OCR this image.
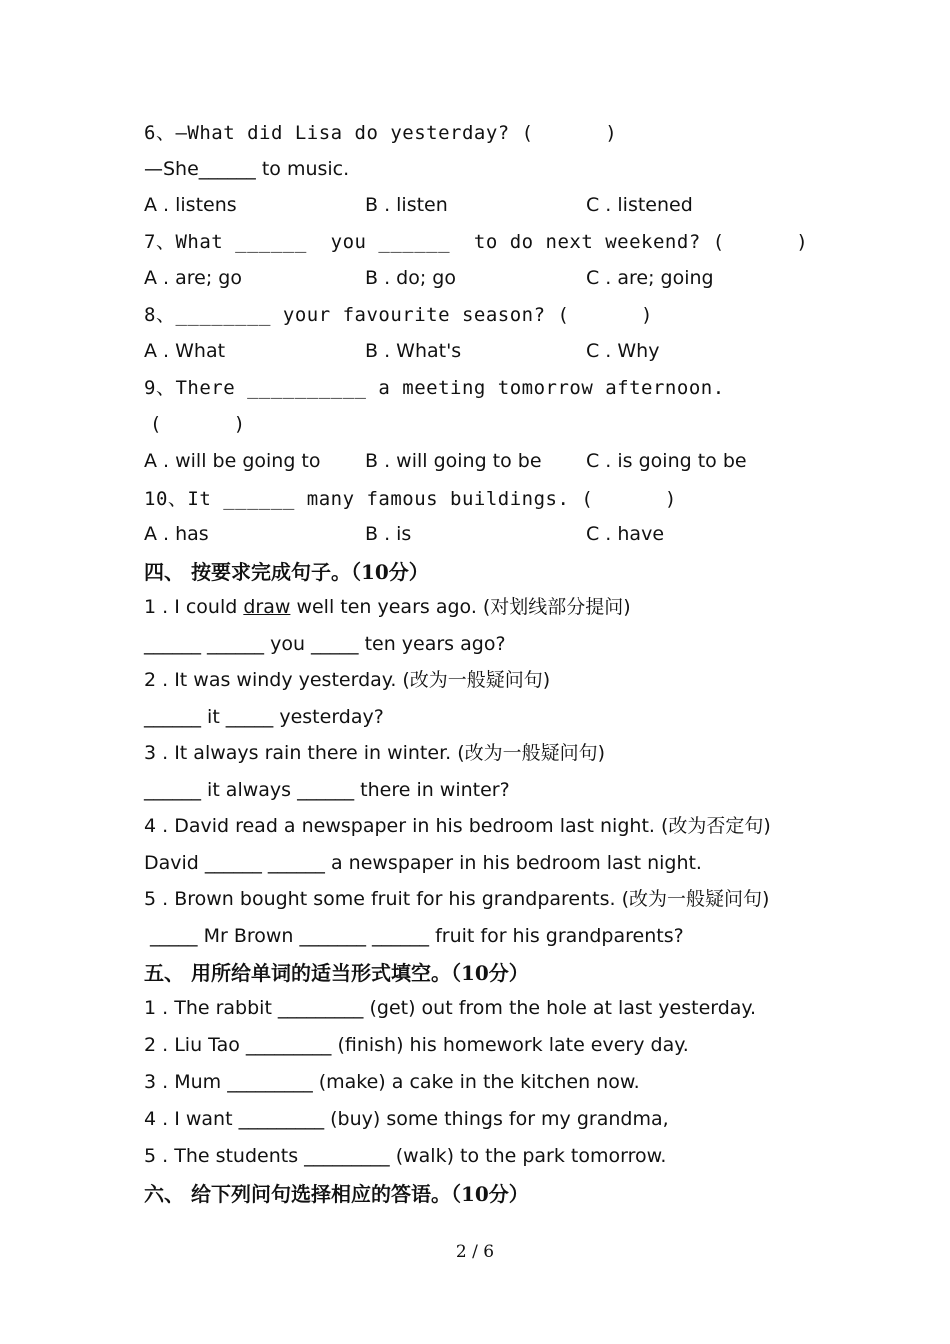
6、—What did Lisa do yesterday? (      )
—She______ to music.

A . listens

	B . listen

	C . listened

7、What ______  you ______  to do next weekend? (      )

A . are; go

	B . do; go

	C . are; going

8、________ your favourite season? (      )

A . What

	B . What's

	C . Why

9、There __________ a meeting tomorrow afternoon.
(      )

A . will be going to

B . will going to be

C . is going to be

10、It ______ many famous buildings. (      )

A . has

	B . is

	C . have

四、 按要求完成句子。（10分）
1 . I could draw well ten years ago. (对划线部分提问)
______ ______ you _____ ten years ago?
2 . It was windy yesterday. (改为一般疑问句)
______ it _____ yesterday?
3 . It always rain there in winter. (改为一般疑问句)
______ it always ______ there in winter?
4 . David read a newspaper in his bedroom last night. (改为否定句)
David ______ ______ a newspaper in his bedroom last night.
5 . Brown bought some fruit for his grandparents. (改为一般疑问句)
_____ Mr Brown _______ ______ fruit for his grandparents?
五、 用所给单词的适当形式填空。（10分）
1 . The rabbit _________ (get) out from the hole at last yesterday.
2 . Liu Tao _________ (finish) his homework late every day.
3 . Mum _________ (make) a cake in the kitchen now.
4 . I want _________ (buy) some things for my grandma,
5 . The students _________ (walk) to the park tomorrow.
六、 给下列问句选择相应的答语。（10分）
2 / 6
